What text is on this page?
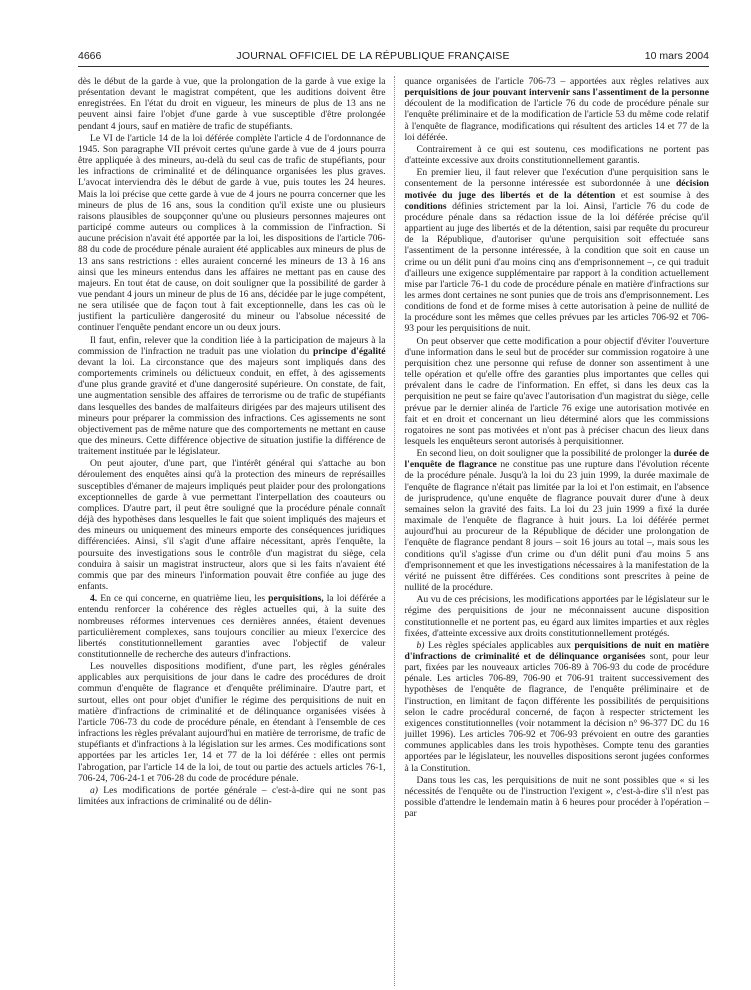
4666	JOURNAL OFFICIEL DE LA RÉPUBLIQUE FRANÇAISE	10 mars 2004

dès le début de la garde à vue, que la prolongation de la garde à vue exige la présentation devant le magistrat compétent, que les auditions doivent être enregistrées. En l'état du droit en vigueur, les mineurs de plus de 13 ans ne peuvent ainsi faire l'objet d'une garde à vue susceptible d'être prolongée pendant 4 jours, sauf en matière de trafic de stupéfiants.

Le VI de l'article 14 de la loi déférée complète l'article 4 de l'ordonnance de 1945. Son paragraphe VII prévoit certes qu'une garde à vue de 4 jours pourra être appliquée à des mineurs, au-delà du seul cas de trafic de stupéfiants, pour les infractions de criminalité et de délinquance organisées les plus graves. L'avocat interviendra dès le début de garde à vue, puis toutes les 24 heures. Mais la loi précise que cette garde à vue de 4 jours ne pourra concerner que les mineurs de plus de 16 ans, sous la condition qu'il existe une ou plusieurs raisons plausibles de soupçonner qu'une ou plusieurs personnes majeures ont participé comme auteurs ou complices à la commission de l'infraction. Si aucune précision n'avait été apportée par la loi, les dispositions de l'article 706-88 du code de procédure pénale auraient été applicables aux mineurs de plus de 13 ans sans restrictions : elles auraient concerné les mineurs de 13 à 16 ans ainsi que les mineurs entendus dans les affaires ne mettant pas en cause des majeurs. En tout état de cause, on doit souligner que la possibilité de garder à vue pendant 4 jours un mineur de plus de 16 ans, décidée par le juge compétent, ne sera utilisée que de façon tout à fait exceptionnelle, dans les cas où le justifient la particulière dangerosité du mineur ou l'absolue nécessité de continuer l'enquête pendant encore un ou deux jours.

Il faut, enfin, relever que la condition liée à la participation de majeurs à la commission de l'infraction ne traduit pas une violation du principe d'égalité devant la loi. La circonstance que des majeurs sont impliqués dans des comportements criminels ou délictueux conduit, en effet, à des agissements d'une plus grande gravité et d'une dangerosité supérieure. On constate, de fait, une augmentation sensible des affaires de terrorisme ou de trafic de stupéfiants dans lesquelles des bandes de malfaiteurs dirigées par des majeurs utilisent des mineurs pour préparer la commission des infractions. Ces agissements ne sont objectivement pas de même nature que des comportements ne mettant en cause que des mineurs. Cette différence objective de situation justifie la différence de traitement instituée par le législateur.

On peut ajouter, d'une part, que l'intérêt général qui s'attache au bon déroulement des enquêtes ainsi qu'à la protection des mineurs de représailles susceptibles d'émaner de majeurs impliqués peut plaider pour des prolongations exceptionnelles de garde à vue permettant l'interpellation des coauteurs ou complices. D'autre part, il peut être souligné que la procédure pénale connaît déjà des hypothèses dans lesquelles le fait que soient impliqués des majeurs et des mineurs ou uniquement des mineurs emporte des conséquences juridiques différenciées. Ainsi, s'il s'agit d'une affaire nécessitant, après l'enquête, la poursuite des investigations sous le contrôle d'un magistrat du siège, cela conduira à saisir un magistrat instructeur, alors que si les faits n'avaient été commis que par des mineurs l'information pouvait être confiée au juge des enfants.

4. En ce qui concerne, en quatrième lieu, les perquisitions, la loi déférée a entendu renforcer la cohérence des règles actuelles qui, à la suite des nombreuses réformes intervenues ces dernières années, étaient devenues particulièrement complexes, sans toujours concilier au mieux l'exercice des libertés constitutionnellement garanties avec l'objectif de valeur constitutionnelle de recherche des auteurs d'infractions.

Les nouvelles dispositions modifient, d'une part, les règles générales applicables aux perquisitions de jour dans le cadre des procédures de droit commun d'enquête de flagrance et d'enquête préliminaire. D'autre part, et surtout, elles ont pour objet d'unifier le régime des perquisitions de nuit en matière d'infractions de criminalité et de délinquance organisées visées à l'article 706-73 du code de procédure pénale, en étendant à l'ensemble de ces infractions les règles prévalant aujourd'hui en matière de terrorisme, de trafic de stupéfiants et d'infractions à la législation sur les armes. Ces modifications sont apportées par les articles 1er, 14 et 77 de la loi déférée : elles ont permis l'abrogation, par l'article 14 de la loi, de tout ou partie des actuels articles 76-1, 706-24, 706-24-1 et 706-28 du code de procédure pénale.

a) Les modifications de portée générale – c'est-à-dire qui ne sont pas limitées aux infractions de criminalité ou de délin-

quance organisées de l'article 706-73 – apportées aux règles relatives aux perquisitions de jour pouvant intervenir sans l'assentiment de la personne découlent de la modification de l'article 76 du code de procédure pénale sur l'enquête préliminaire et de la modification de l'article 53 du même code relatif à l'enquête de flagrance, modifications qui résultent des articles 14 et 77 de la loi déférée.

Contrairement à ce qui est soutenu, ces modifications ne portent pas d'atteinte excessive aux droits constitutionnellement garantis.

En premier lieu, il faut relever que l'exécution d'une perquisition sans le consentement de la personne intéressée est subordonnée à une décision motivée du juge des libertés et de la détention et est soumise à des conditions définies strictement par la loi. Ainsi, l'article 76 du code de procédure pénale dans sa rédaction issue de la loi déférée précise qu'il appartient au juge des libertés et de la détention, saisi par requête du procureur de la République, d'autoriser qu'une perquisition soit effectuée sans l'assentiment de la personne intéressée, à la condition que soit en cause un crime ou un délit puni d'au moins cinq ans d'emprisonnement –, ce qui traduit d'ailleurs une exigence supplémentaire par rapport à la condition actuellement mise par l'article 76-1 du code de procédure pénale en matière d'infractions sur les armes dont certaines ne sont punies que de trois ans d'emprisonnement. Les conditions de fond et de forme mises à cette autorisation à peine de nullité de la procédure sont les mêmes que celles prévues par les articles 706-92 et 706-93 pour les perquisitions de nuit.

On peut observer que cette modification a pour objectif d'éviter l'ouverture d'une information dans le seul but de procéder sur commission rogatoire à une perquisition chez une personne qui refuse de donner son assentiment à une telle opération et qu'elle offre des garanties plus importantes que celles qui prévalent dans le cadre de l'information. En effet, si dans les deux cas la perquisition ne peut se faire qu'avec l'autorisation d'un magistrat du siège, celle prévue par le dernier alinéa de l'article 76 exige une autorisation motivée en fait et en droit et concernant un lieu déterminé alors que les commissions rogatoires ne sont pas motivées et n'ont pas à préciser chacun des lieux dans lesquels les enquêteurs seront autorisés à perquisitionner.

En second lieu, on doit souligner que la possibilité de prolonger la durée de l'enquête de flagrance ne constitue pas une rupture dans l'évolution récente de la procédure pénale. Jusqu'à la loi du 23 juin 1999, la durée maximale de l'enquête de flagrance n'était pas limitée par la loi et l'on estimait, en l'absence de jurisprudence, qu'une enquête de flagrance pouvait durer d'une à deux semaines selon la gravité des faits. La loi du 23 juin 1999 a fixé la durée maximale de l'enquête de flagrance à huit jours. La loi déférée permet aujourd'hui au procureur de la République de décider une prolongation de l'enquête de flagrance pendant 8 jours – soit 16 jours au total –, mais sous les conditions qu'il s'agisse d'un crime ou d'un délit puni d'au moins 5 ans d'emprisonnement et que les investigations nécessaires à la manifestation de la vérité ne puissent être différées. Ces conditions sont prescrites à peine de nullité de la procédure.

Au vu de ces précisions, les modifications apportées par le législateur sur le régime des perquisitions de jour ne méconnaissent aucune disposition constitutionnelle et ne portent pas, eu égard aux limites imparties et aux règles fixées, d'atteinte excessive aux droits constitutionnellement protégés.

b) Les règles spéciales applicables aux perquisitions de nuit en matière d'infractions de criminalité et de délinquance organisées sont, pour leur part, fixées par les nouveaux articles 706-89 à 706-93 du code de procédure pénale. Les articles 706-89, 706-90 et 706-91 traitent successivement des hypothèses de l'enquête de flagrance, de l'enquête préliminaire et de l'instruction, en limitant de façon différente les possibilités de perquisitions selon le cadre procédural concerné, de façon à respecter strictement les exigences constitutionnelles (voir notamment la décision n° 96-377 DC du 16 juillet 1996). Les articles 706-92 et 706-93 prévoient en outre des garanties communes applicables dans les trois hypothèses. Compte tenu des garanties apportées par le législateur, les nouvelles dispositions seront jugées conformes à la Constitution.

Dans tous les cas, les perquisitions de nuit ne sont possibles que « si les nécessités de l'enquête ou de l'instruction l'exigent », c'est-à-dire s'il n'est pas possible d'attendre le lendemain matin à 6 heures pour procéder à l'opération – par
